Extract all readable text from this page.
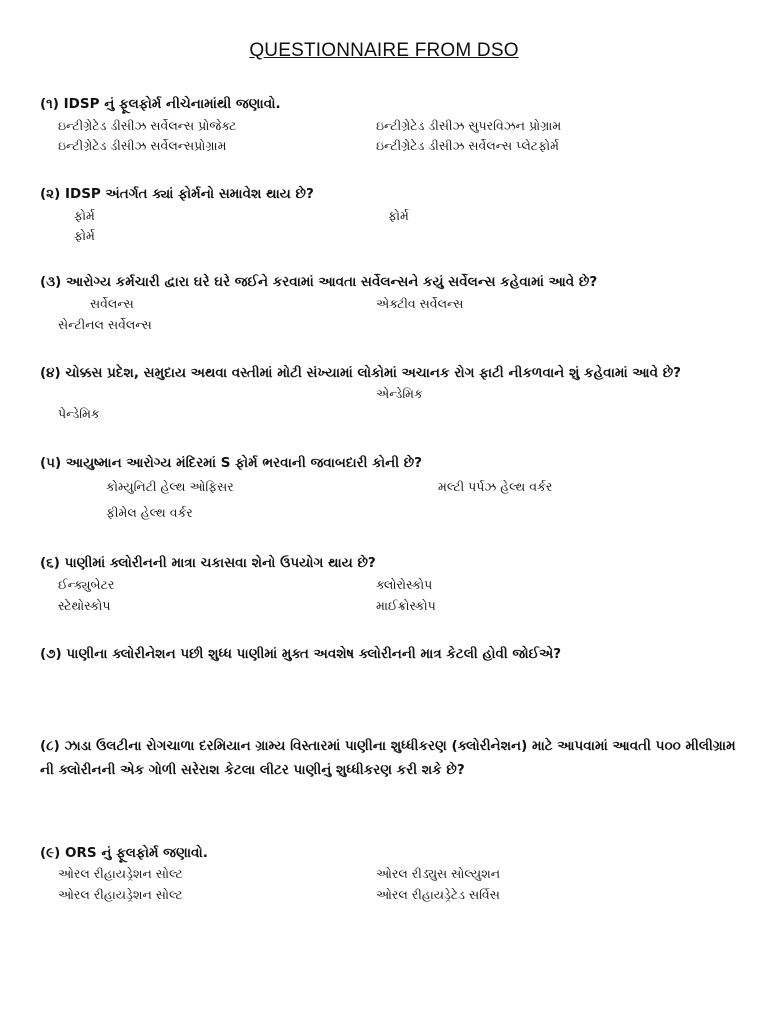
QUESTIONNAIRE FROM DSO
(૧) IDSP નું ફૂલફોર્મ નીચેનામાંથી જણાવો.
ઇન્ટીગ્રેટેડ ડીસીઝ સર્વેલન્સ પ્રોજેક્ટ	ઇન્ટીગ્રેટેડ ડીસીઝ સુપરવિઝન પ્રોગ્રામ
ઇન્ટીગ્રેટેડ ડીસીઝ સર્વેલન્સપ્રોગ્રામ	ઇન્ટીગ્રેટેડ ડીસીઝ સર્વેલન્સ પ્લેટફોર્મ
(૨) IDSP અંતર્ગત ક્યાં ફોર્મનો સમાવેશ થાય છે?
ફોર્મ	ફોર્મ
ફોર્મ
(૩) આરોગ્ય કર્મચારી દ્વારા ઘરે ઘરે જઈને કરવામાં આવતા સર્વેલન્સને કયું સર્વેલન્સ કહેવામાં આવે છે?
સર્વેલન્સ	એક્ટીવ સર્વેલન્સ
સેન્ટીનલ સર્વેલન્સ
(૪) ચોક્કસ પ્રદેશ, સમુદાય અથવા વસ્તીમાં મોટી સંખ્યામાં લોકોમાં અચાનક રોગ ફાટી નીકળવાને શું કહેવામાં આવે છે?
એન્ડેમિક
પેન્ડેમિક
(૫) આયુષ્માન આરોગ્ય મંદિરમાં S ફોર્મ ભરવાની જવાબદારી કોની છે?
કોમ્યુનિટી હેલ્થ ઓફિસર	મલ્ટી પર્પઝ હેલ્થ વર્કર
ફીમેલ હેલ્થ વર્કર
(૬) પાણીમાં ક્લોરીનની માત્રા ચકાસવા શેનો ઉપયોગ થાય છે?
ઈન્ક્યુબેટર	ક્લોરોસ્કોપ
સ્ટેથોસ્કોપ	માઈક્રોસ્કોપ
(૭) પાણીના ક્લોરીનેશન પછી શુધ્ધ પાણીમાં મુક્ત અવશેષ ક્લોરીનની માત્ર કેટલી હોવી જોઈએ?
(૮) ઝાડા ઉલટીના રોગચાળા દરમિયાન ગ્રામ્ય વિસ્તારમાં પાણીના શુધ્ધીકરણ (ક્લોરીનેશન) માટે આપવામાં આવતી ૫૦૦ મીલીગ્રામ ની ક્લોરીનની એક ગોળી સરેરાશ કેટલા લીટર પાણીનું શુધ્ધીકરણ કરી શકે છે?
(૯) ORS નું ફૂલફોર્મ જણાવો.
ઓરલ રીહાયડ્રેશન સોલ્ટ	ઓરલ રીડ્યુસ સોલ્યુશન
ઓરલ રીહાયડ્રેશન સોલ્ટ	ઓરલ રીહાયડ્રેટેડ સર્વિસ
